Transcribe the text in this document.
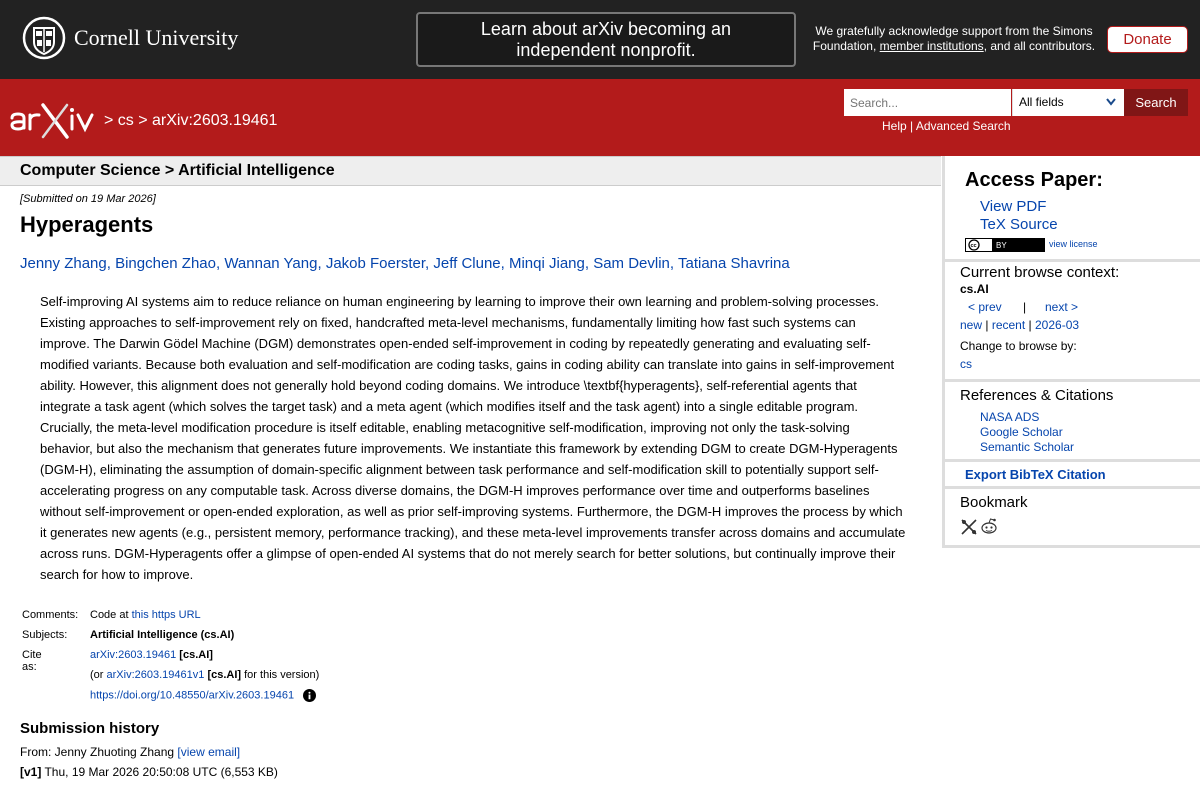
Cornell University	Learn about arXiv becoming an
independent nonprofit.
We gratefully acknowledge support from the Simons Foundation, member institutions, and all contributors.	Donate
> cs > arXiv:2603.19461
Search...
All fields	Search
Help | Advanced Search
Computer Science > Artificial Intelligence
[Submitted on 19 Mar 2026]
Hyperagents
Jenny Zhang, Bingchen Zhao, Wannan Yang, Jakob Foerster, Jeff Clune, Minqi Jiang, Sam Devlin, Tatiana Shavrina

Self-improving AI systems aim to reduce reliance on human engineering by learning to improve their own learning and problem-solving processes. Existing approaches to self-improvement rely on fixed, handcrafted meta-level mechanisms, fundamentally limiting how fast such systems can improve. The Darwin Gödel Machine (DGM) demonstrates open-ended self-improvement in coding by repeatedly generating and evaluating self-modified variants. Because both evaluation and self-modification are coding tasks, gains in coding ability can translate into gains in self-improvement ability. However, this alignment does not generally hold beyond coding domains. We introduce \textbf{hyperagents}, self-referential agents that integrate a task agent (which solves the target task) and a meta agent (which modifies itself and the task agent) into a single editable program. Crucially, the meta-level modification procedure is itself editable, enabling metacognitive self-modification, improving not only the task-solving behavior, but also the mechanism that generates future improvements. We instantiate this framework by extending DGM to create DGM-Hyperagents (DGM-H), eliminating the assumption of domain-specific alignment between task performance and self-modification skill to potentially support self-accelerating progress on any computable task. Across diverse domains, the DGM-H improves performance over time and outperforms baselines without self-improvement or open-ended exploration, as well as prior self-improving systems. Furthermore, the DGM-H improves the process by which it generates new agents (e.g., persistent memory, performance tracking), and these meta-level improvements transfer across domains and accumulate across runs. DGM-Hyperagents offer a glimpse of open-ended AI systems that do not merely search for better solutions, but continually improve their search for how to improve.

Comments: Code at this https URL
Subjects: Artificial Intelligence (cs.AI)
Cite as:
arXiv:2603.19461 [cs.AI]
(or arXiv:2603.19461v1 [cs.AI] for this version)
https://doi.org/10.48550/arXiv.2603.19461
Submission history
From: Jenny Zhuoting Zhang [view email]
[v1] Thu, 19 Mar 2026 20:50:08 UTC (6,553 KB)
Access Paper:
View PDF
TeX Source
cc BY	view license
Current browse context:
cs.AI
< prev | next >
new | recent | 2026-03
Change to browse by:
cs
References & Citations
NASA ADS
Google Scholar
Semantic Scholar
Export BibTeX Citation
Bookmark
